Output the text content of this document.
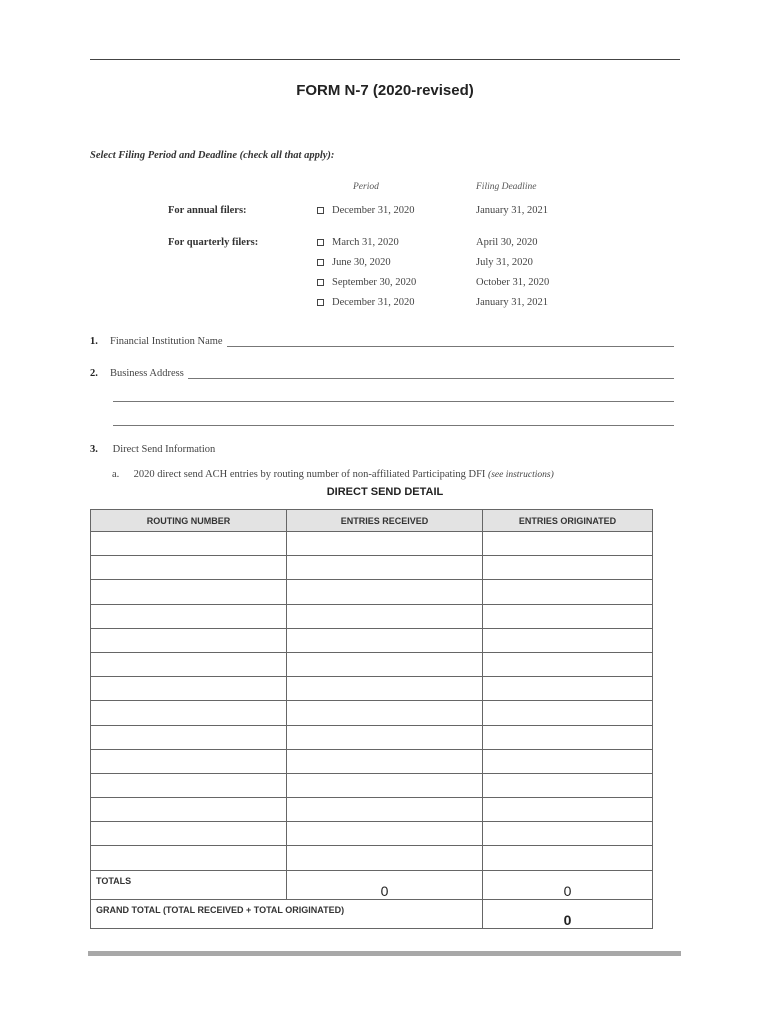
FORM N-7 (2020-revised)
Select Filing Period and Deadline (check all that apply):
Period	Filing Deadline
For annual filers:	December 31, 2020	January 31, 2021
For quarterly filers:	March 31, 2020	April 30, 2020
June 30, 2020	July 31, 2020
September 30, 2020	October 31, 2020
December 31, 2020	January 31, 2021
1.	Financial Institution Name
2.	Business Address
3. Direct Send Information
a. 2020 direct send ACH entries by routing number of non-affiliated Participating DFI (see instructions)
DIRECT SEND DETAIL
ROUTING NUMBER	ENTRIES RECEIVED	ENTRIES ORIGINATED

TOTALS	0	0
GRAND TOTAL (TOTAL RECEIVED + TOTAL ORIGINATED)		0
